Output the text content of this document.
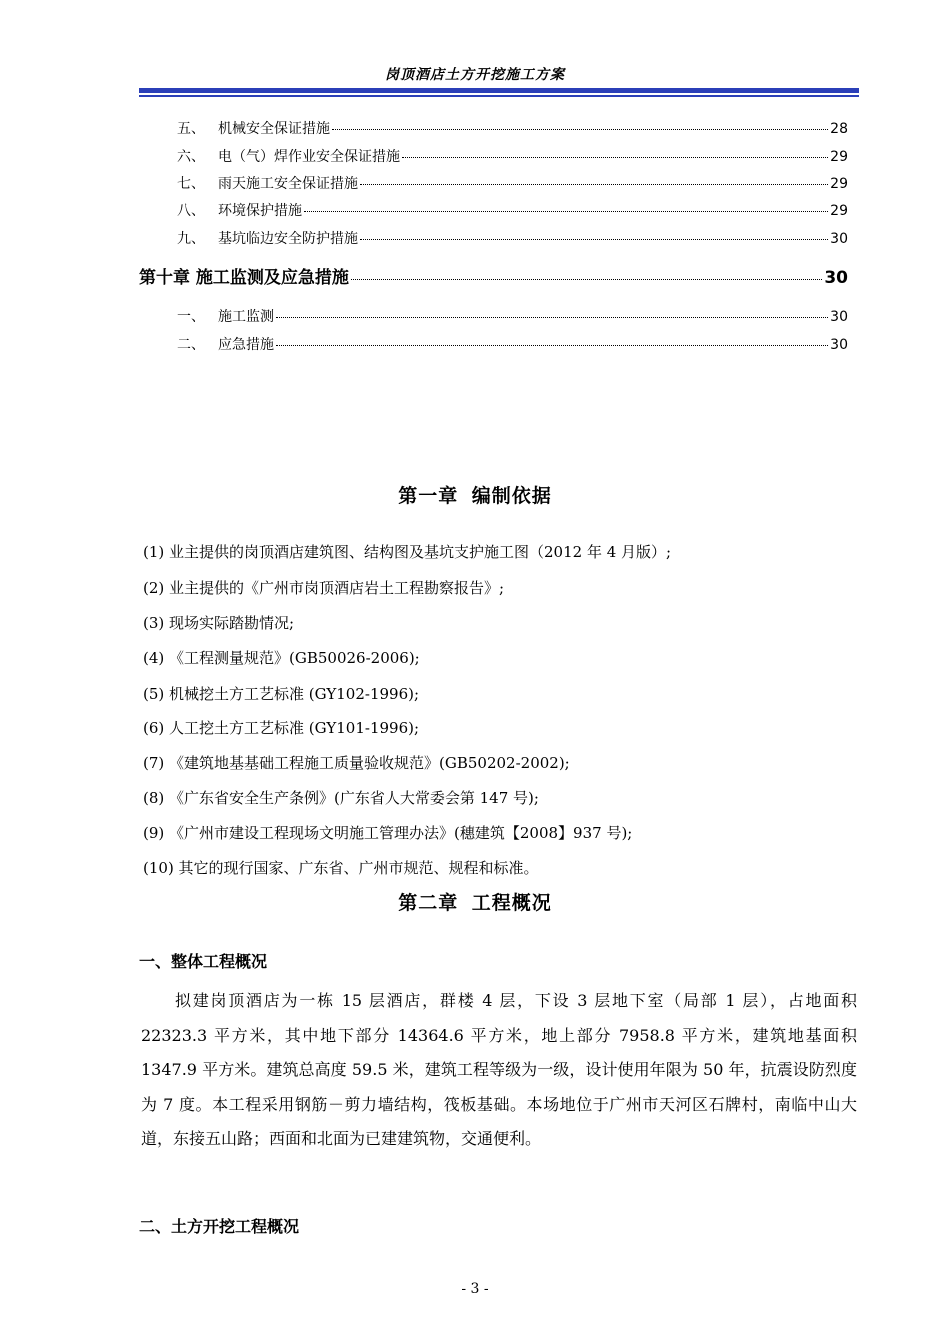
岗顶酒店土方开挖施工方案
五、 机械安全保证措施	28
六、 电（气）焊作业安全保证措施	29
七、 雨天施工安全保证措施	29
八、 环境保护措施	29
九、 基坑临边安全防护措施	30
第十章 施工监测及应急措施	30
一、 施工监测	30
二、 应急措施	30
第一章 编制依据
(1) 业主提供的岗顶酒店建筑图、结构图及基坑支护施工图（2012 年 4 月版）;
(2) 业主提供的《广州市岗顶酒店岩土工程勘察报告》;
(3) 现场实际踏勘情况;
(4) 《工程测量规范》(GB50026-2006);
(5) 机械挖土方工艺标准 (GY102-1996);
(6) 人工挖土方工艺标准 (GY101-1996);
(7) 《建筑地基基础工程施工质量验收规范》(GB50202-2002);
(8) 《广东省安全生产条例》(广东省人大常委会第 147 号);
(9) 《广州市建设工程现场文明施工管理办法》(穗建筑【2008】937 号);
(10) 其它的现行国家、广东省、广州市规范、规程和标准。
第二章 工程概况
一、整体工程概况
拟建岗顶酒店为一栋 15 层酒店，群楼 4 层，下设 3 层地下室（局部 1 层），占地面积 22323.3 平方米，其中地下部分 14364.6 平方米，地上部分 7958.8 平方米，建筑地基面积 1347.9 平方米。建筑总高度 59.5 米，建筑工程等级为一级，设计使用年限为 50 年，抗震设防烈度为 7 度。本工程采用钢筋－剪力墙结构，筏板基础。本场地位于广州市天河区石牌村，南临中山大道，东接五山路；西面和北面为已建建筑物，交通便利。
二、土方开挖工程概况
- 3 -
